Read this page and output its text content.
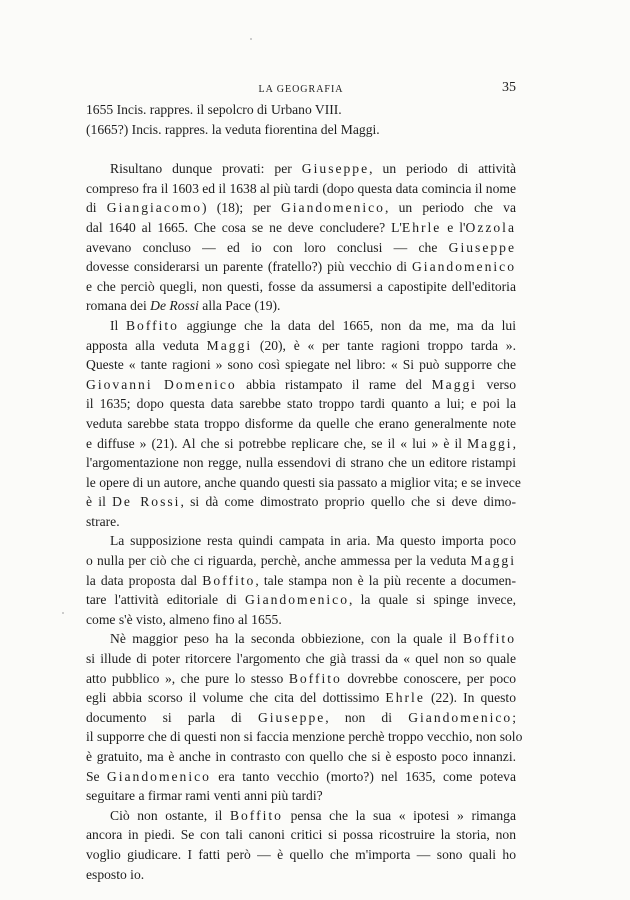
LA GEOGRAFIA	35
1655 Incis. rappres. il sepolcro di Urbano VIII.
(1665?) Incis. rappres. la veduta fiorentina del Maggi.
Risultano dunque provati: per Giuseppe, un periodo di attività
compreso fra il 1603 ed il 1638 al più tardi (dopo questa data comincia il nome
di Giangiacomo) (18); per Giandomenico, un periodo che va
dal 1640 al 1665. Che cosa se ne deve concludere? L'Ehrle e l'Ozzola
avevano concluso — ed io con loro conclusi — che Giuseppe
dovesse considerarsi un parente (fratello?) più vecchio di Giandomenico
e che perciò quegli, non questi, fosse da assumersi a capostipite dell'editoria
romana dei De Rossi alla Pace (19).
Il Boffito aggiunge che la data del 1665, non da me, ma da lui
apposta alla veduta Maggi (20), è « per tante ragioni troppo tarda ».
Queste « tante ragioni » sono così spiegate nel libro: « Si può supporre che
Giovanni Domenico abbia ristampato il rame del Maggi verso
il 1635; dopo questa data sarebbe stato troppo tardi quanto a lui; e poi la
veduta sarebbe stata troppo disforme da quelle che erano generalmente note
e diffuse » (21). Al che si potrebbe replicare che, se il « lui » è il Maggi,
l'argomentazione non regge, nulla essendovi di strano che un editore ristampi
le opere di un autore, anche quando questi sia passato a miglior vita; e se invece
è il De Rossi, si dà come dimostrato proprio quello che si deve dimo-
strare.
La supposizione resta quindi campata in aria. Ma questo importa poco
o nulla per ciò che ci riguarda, perchè, anche ammessa per la veduta Maggi
la data proposta dal Boffito, tale stampa non è la più recente a documen-
tare l'attività editoriale di Giandomenico, la quale si spinge invece,
come s'è visto, almeno fino al 1655.
Nè maggior peso ha la seconda obbiezione, con la quale il Boffito
si illude di poter ritorcere l'argomento che già trassi da « quel non so quale
atto pubblico », che pure lo stesso Boffito dovrebbe conoscere, per poco
egli abbia scorso il volume che cita del dottissimo Ehrle (22). In questo
documento si parla di Giuseppe, non di Giandomenico;
il supporre che di questi non si faccia menzione perchè troppo vecchio, non solo
è gratuito, ma è anche in contrasto con quello che si è esposto poco innanzi.
Se Giandomenico era tanto vecchio (morto?) nel 1635, come poteva
seguitare a firmar rami venti anni più tardi?
Ciò non ostante, il Boffito pensa che la sua « ipotesi » rimanga
ancora in piedi. Se con tali canoni critici si possa ricostruire la storia, non
voglio giudicare. I fatti però — è quello che m'importa — sono quali ho
esposto io.
